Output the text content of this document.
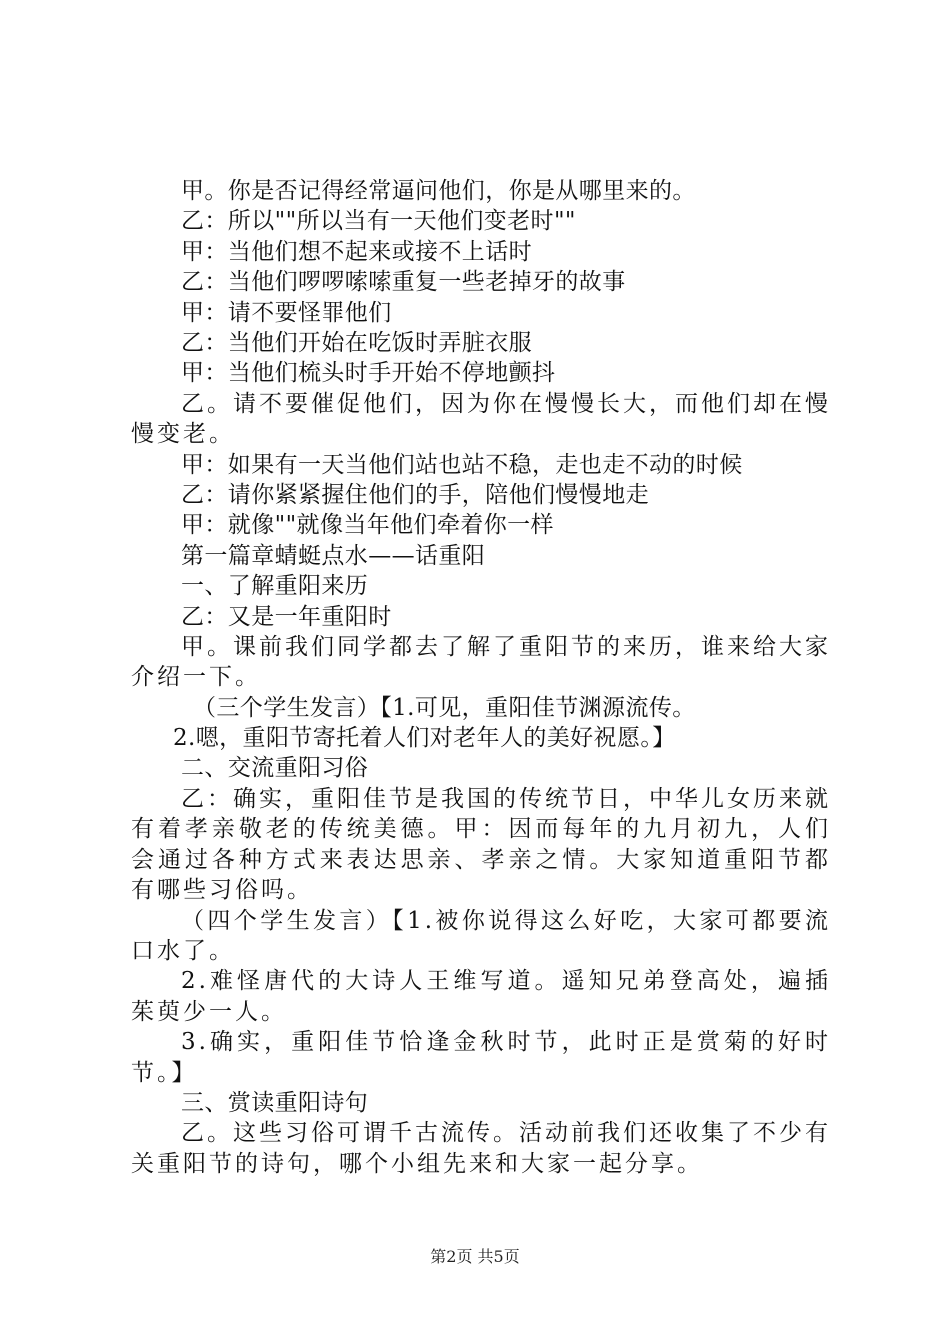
甲。你是否记得经常逼问他们，你是从哪里来的。
乙：所以""所以当有一天他们变老时""
甲：当他们想不起来或接不上话时
乙：当他们啰啰嗦嗦重复一些老掉牙的故事
甲：请不要怪罪他们
乙：当他们开始在吃饭时弄脏衣服
甲：当他们梳头时手开始不停地颤抖
乙。请不要催促他们，因为你在慢慢长大，而他们却在慢慢变老。
甲：如果有一天当他们站也站不稳，走也走不动的时候
乙：请你紧紧握住他们的手，陪他们慢慢地走
甲：就像""就像当年他们牵着你一样
第一篇章蜻蜓点水——话重阳
一、了解重阳来历
乙：又是一年重阳时
甲。课前我们同学都去了解了重阳节的来历，谁来给大家介绍一下。
（三个学生发言）【1.可见，重阳佳节渊源流传。
2.嗯，重阳节寄托着人们对老年人的美好祝愿。】
二、交流重阳习俗
乙：确实，重阳佳节是我国的传统节日，中华儿女历来就有着孝亲敬老的传统美德。甲：因而每年的九月初九，人们会通过各种方式来表达思亲、孝亲之情。大家知道重阳节都有哪些习俗吗。
（四个学生发言）【1.被你说得这么好吃，大家可都要流口水了。
2.难怪唐代的大诗人王维写道。遥知兄弟登高处，遍插茱萸少一人。
3.确实，重阳佳节恰逢金秋时节，此时正是赏菊的好时节。】
三、赏读重阳诗句
乙。这些习俗可谓千古流传。活动前我们还收集了不少有关重阳节的诗句，哪个小组先来和大家一起分享。
第2页 共5页
